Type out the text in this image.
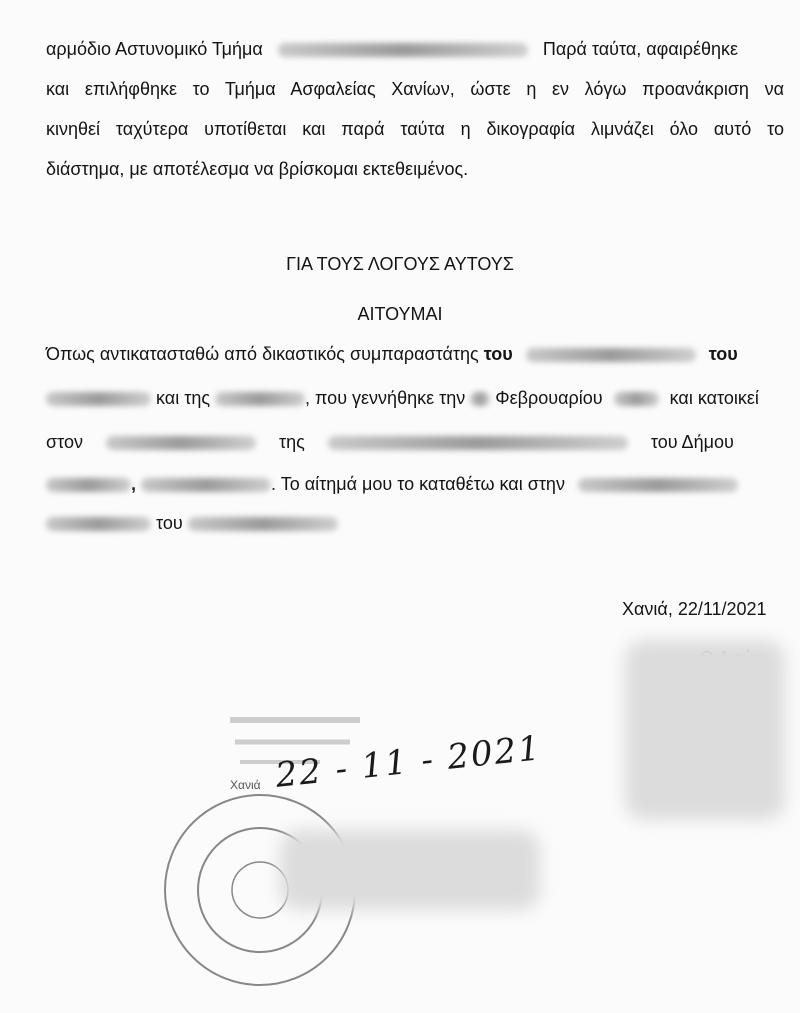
αρμόδιο Αστυνομικό Τμήμα	Παρά ταύτα, αφαιρέθηκε
και επιλήφθηκε το Τμήμα Ασφαλείας Χανίων, ώστε η εν λόγω προανάκριση να
κινηθεί ταχύτερα υποτίθεται και παρά ταύτα η δικογραφία λιμνάζει όλο αυτό το
διάστημα, με αποτέλεσμα να βρίσκομαι εκτεθειμένος.
ΓΙΑ ΤΟΥΣ ΛΟΓΟΥΣ ΑΥΤΟΥΣ
ΑΙΤΟΥΜΑΙ
Όπως αντικατασταθώ από δικαστικός συμπαραστάτης του	του
και της	, που γεννήθηκε την Φεβρουαρίου	και κατοικεί
στον	της	του Δήμου
,	. Το αίτημά μου το καταθέτω και στην
του
Χανιά, 22/11/2021
Χανιά 22 - 11 - 2021
